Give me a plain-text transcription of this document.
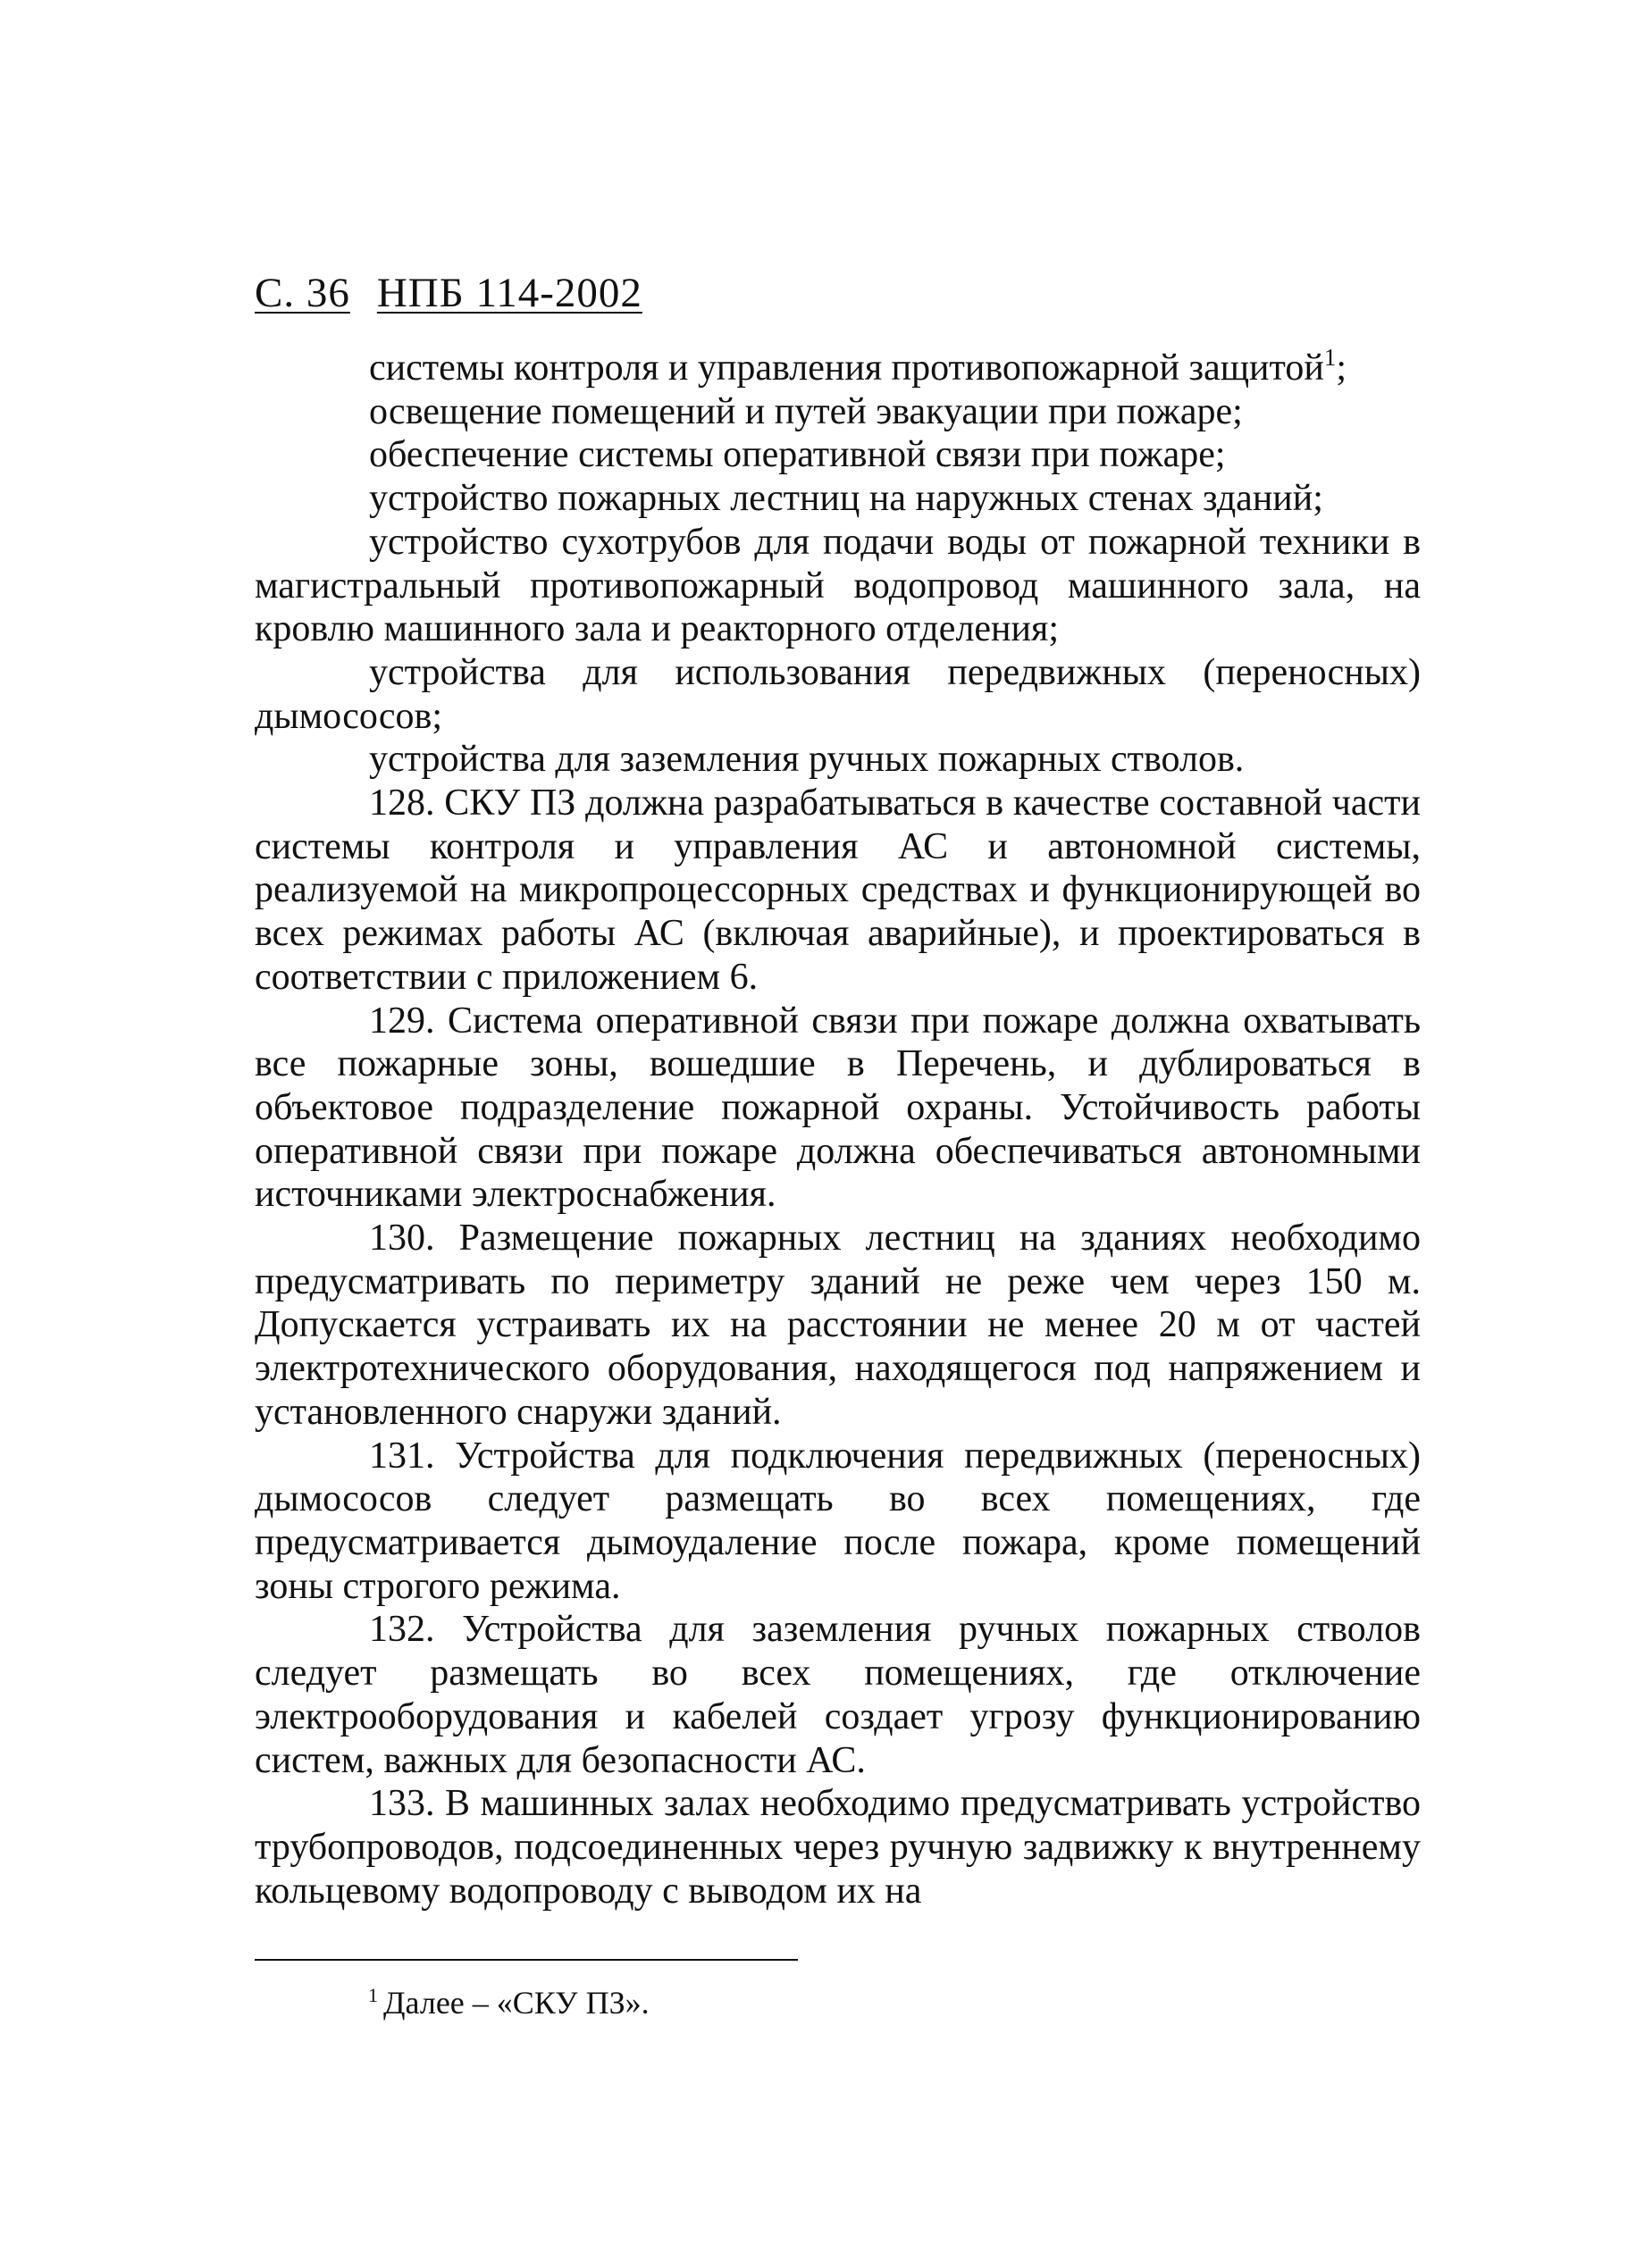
С. 36 НПБ 114-2002

системы контроля и управления противопожарной защитой$^1$;

освещение помещений и путей эвакуации при пожаре;

обеспечение системы оперативной связи при пожаре;

устройство пожарных лестниц на наружных стенах зданий;

устройство сухотрубов для подачи воды от пожарной техники в магистральный противопожарный водопровод машинного зала, на кровлю машинного зала и реакторного отделения;

устройства для использования передвижных (переносных) дымососов;

устройства для заземления ручных пожарных стволов.

128. СКУ ПЗ должна разрабатываться в качестве составной части системы контроля и управления АС и автономной системы, реализуемой на микропроцессорных средствах и функционирующей во всех режимах работы АС (включая аварийные), и проектироваться в соответствии с приложением 6.

129. Система оперативной связи при пожаре должна охватывать все пожарные зоны, вошедшие в Перечень, и дублироваться в объектовое подразделение пожарной охраны. Устойчивость работы оперативной связи при пожаре должна обеспечиваться автономными источниками электроснабжения.

130. Размещение пожарных лестниц на зданиях необходимо предусматривать по периметру зданий не реже чем через 150 м. Допускается устраивать их на расстоянии не менее 20 м от частей электротехнического оборудования, находящегося под напряжением и установленного снаружи зданий.

131. Устройства для подключения передвижных (переносных) дымососов следует размещать во всех помещениях, где предусматривается дымоудаление после пожара, кроме помещений зоны строгого режима.

132. Устройства для заземления ручных пожарных стволов следует размещать во всех помещениях, где отключение электрооборудования и кабелей создает угрозу функционированию систем, важных для безопасности АС.

133. В машинных залах необходимо предусматривать устройство трубопроводов, подсоединенных через ручную задвижку к внутреннему кольцевому водопроводу с выводом их на

$^1$ Далее – «СКУ ПЗ».
